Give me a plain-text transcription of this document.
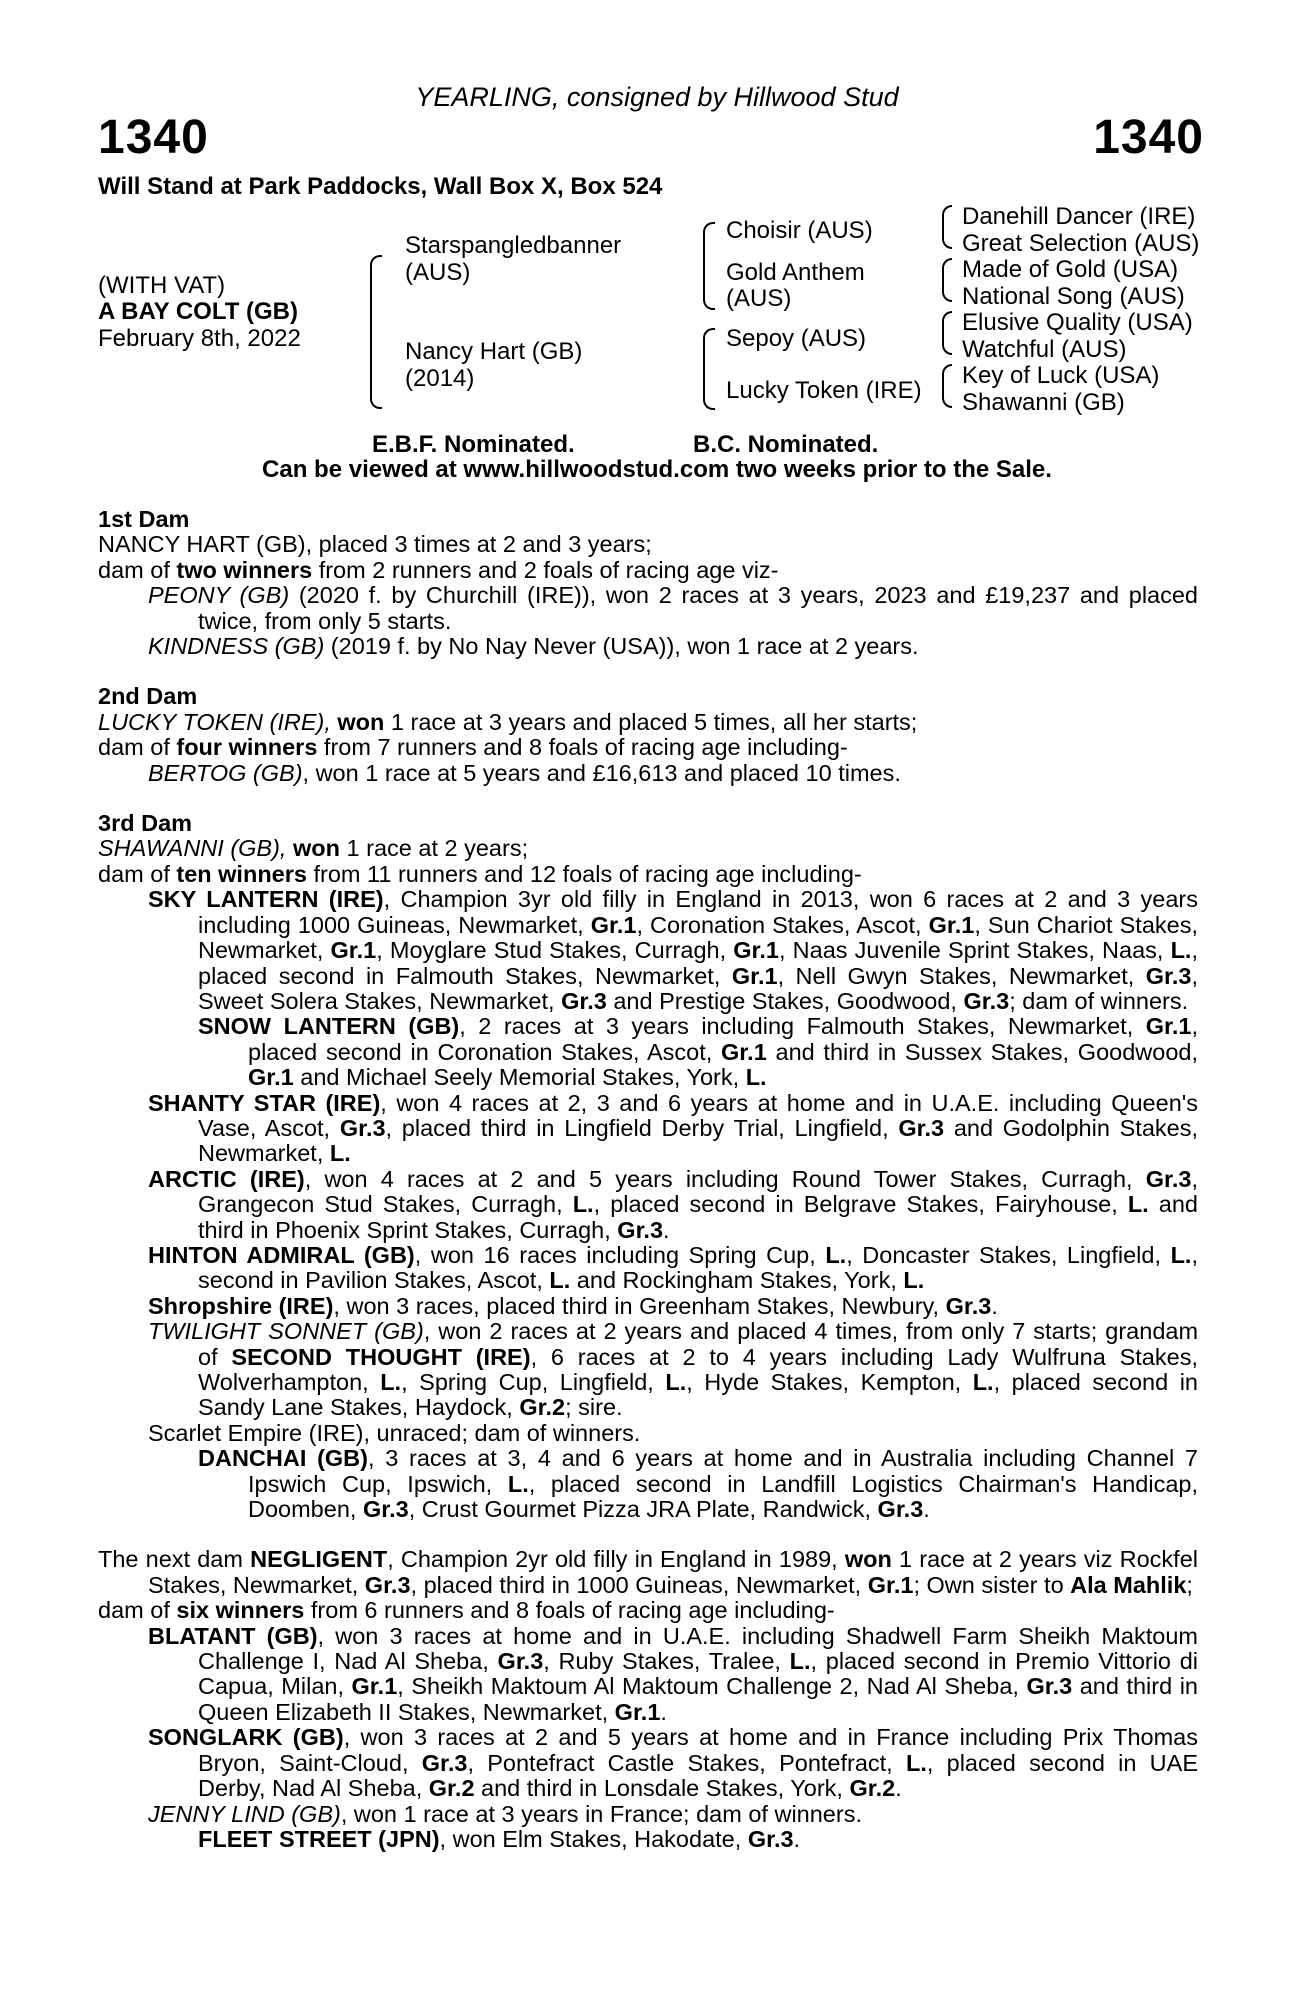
YEARLING, consigned by Hillwood Stud
1340	1340
Will Stand at Park Paddocks, Wall Box X, Box 524
(WITH VAT)
A BAY COLT (GB)
February 8th, 2022
Starspangledbanner
(AUS)
Nancy Hart (GB)
(2014)
Choisir (AUS)
Gold Anthem
(AUS)
Sepoy (AUS)
Lucky Token (IRE)
Danehill Dancer (IRE)
Great Selection (AUS)
Made of Gold (USA)
National Song (AUS)
Elusive Quality (USA)
Watchful (AUS)
Key of Luck (USA)
Shawanni (GB)
E.B.F. Nominated.	B.C. Nominated.
Can be viewed at www.hillwoodstud.com two weeks prior to the Sale.
1st Dam

NANCY HART (GB), placed 3 times at 2 and 3 years;

dam of two winners from 2 runners and 2 foals of racing age viz-

PEONY (GB) (2020 f. by Churchill (IRE)), won 2 races at 3 years, 2023 and £19,237 and placed twice, from only 5 starts.

KINDNESS (GB) (2019 f. by No Nay Never (USA)), won 1 race at 2 years.

2nd Dam

LUCKY TOKEN (IRE), won 1 race at 3 years and placed 5 times, all her starts;

dam of four winners from 7 runners and 8 foals of racing age including-

BERTOG (GB), won 1 race at 5 years and £16,613 and placed 10 times.

3rd Dam

SHAWANNI (GB), won 1 race at 2 years;

dam of ten winners from 11 runners and 12 foals of racing age including-

SKY LANTERN (IRE), Champion 3yr old filly in England in 2013, won 6 races at 2 and 3 years including 1000 Guineas, Newmarket, Gr.1, Coronation Stakes, Ascot, Gr.1, Sun Chariot Stakes, Newmarket, Gr.1, Moyglare Stud Stakes, Curragh, Gr.1, Naas Juvenile Sprint Stakes, Naas, L., placed second in Falmouth Stakes, Newmarket, Gr.1, Nell Gwyn Stakes, Newmarket, Gr.3, Sweet Solera Stakes, Newmarket, Gr.3 and Prestige Stakes, Goodwood, Gr.3; dam of winners.

SNOW LANTERN (GB), 2 races at 3 years including Falmouth Stakes, Newmarket, Gr.1, placed second in Coronation Stakes, Ascot, Gr.1 and third in Sussex Stakes, Goodwood, Gr.1 and Michael Seely Memorial Stakes, York, L.

SHANTY STAR (IRE), won 4 races at 2, 3 and 6 years at home and in U.A.E. including Queen's Vase, Ascot, Gr.3, placed third in Lingfield Derby Trial, Lingfield, Gr.3 and Godolphin Stakes, Newmarket, L.

ARCTIC (IRE), won 4 races at 2 and 5 years including Round Tower Stakes, Curragh, Gr.3, Grangecon Stud Stakes, Curragh, L., placed second in Belgrave Stakes, Fairyhouse, L. and third in Phoenix Sprint Stakes, Curragh, Gr.3.

HINTON ADMIRAL (GB), won 16 races including Spring Cup, L., Doncaster Stakes, Lingfield, L., second in Pavilion Stakes, Ascot, L. and Rockingham Stakes, York, L.

Shropshire (IRE), won 3 races, placed third in Greenham Stakes, Newbury, Gr.3.

TWILIGHT SONNET (GB), won 2 races at 2 years and placed 4 times, from only 7 starts; grandam of SECOND THOUGHT (IRE), 6 races at 2 to 4 years including Lady Wulfruna Stakes, Wolverhampton, L., Spring Cup, Lingfield, L., Hyde Stakes, Kempton, L., placed second in Sandy Lane Stakes, Haydock, Gr.2; sire.

Scarlet Empire (IRE), unraced; dam of winners.

DANCHAI (GB), 3 races at 3, 4 and 6 years at home and in Australia including Channel 7 Ipswich Cup, Ipswich, L., placed second in Landfill Logistics Chairman's Handicap, Doomben, Gr.3, Crust Gourmet Pizza JRA Plate, Randwick, Gr.3.

The next dam NEGLIGENT, Champion 2yr old filly in England in 1989, won 1 race at 2 years viz Rockfel Stakes, Newmarket, Gr.3, placed third in 1000 Guineas, Newmarket, Gr.1; Own sister to Ala Mahlik;

dam of six winners from 6 runners and 8 foals of racing age including-

BLATANT (GB), won 3 races at home and in U.A.E. including Shadwell Farm Sheikh Maktoum Challenge I, Nad Al Sheba, Gr.3, Ruby Stakes, Tralee, L., placed second in Premio Vittorio di Capua, Milan, Gr.1, Sheikh Maktoum Al Maktoum Challenge 2, Nad Al Sheba, Gr.3 and third in Queen Elizabeth II Stakes, Newmarket, Gr.1.

SONGLARK (GB), won 3 races at 2 and 5 years at home and in France including Prix Thomas Bryon, Saint-Cloud, Gr.3, Pontefract Castle Stakes, Pontefract, L., placed second in UAE Derby, Nad Al Sheba, Gr.2 and third in Lonsdale Stakes, York, Gr.2.

JENNY LIND (GB), won 1 race at 3 years in France; dam of winners.

FLEET STREET (JPN), won Elm Stakes, Hakodate, Gr.3.
